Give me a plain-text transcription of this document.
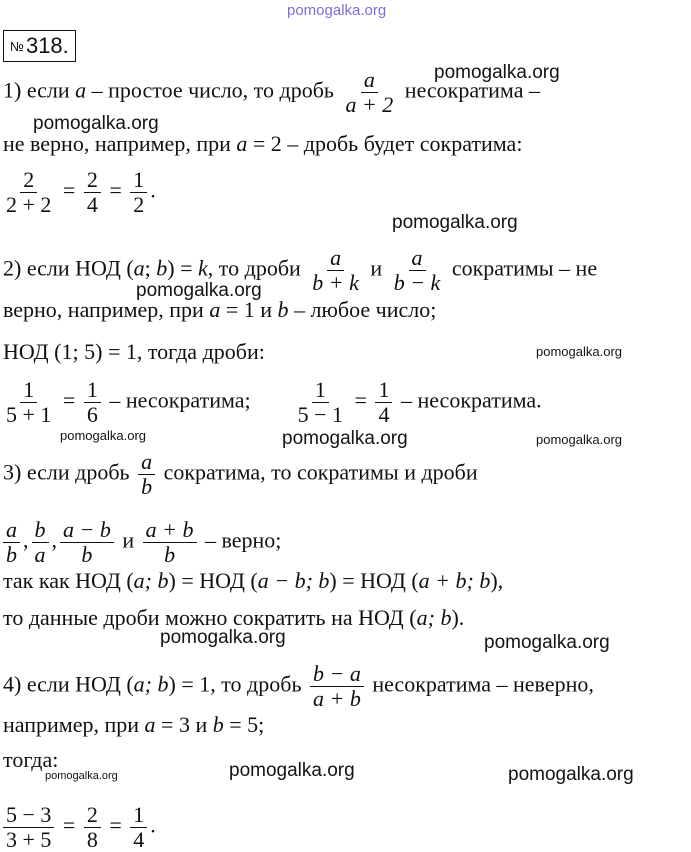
pomogalka.org
№318.
1) если a – простое число, то дробь $\frac{a}{a + 2}$ несократима –
pomogalka.org
pomogalka.org
не верно, например, при a = 2 – дробь будет сократима:
$\frac{2}{2 + 2} = \frac{2}{4} = \frac{1}{2}$ .
pomogalka.org
2) если НОД (a; b) = k, то дроби $\frac{a}{b + k}$ и $\frac{a}{b - k}$ сократимы – не
pomogalka.org
верно, например, при a = 1 и b – любое число;
НОД (1; 5) = 1, тогда дроби:	pomogalka.org
$\frac{1}{5 + 1} = \frac{1}{6}$ – несократима; $\frac{1}{5 - 1} = \frac{1}{4}$ – несократима.
pomogalka.org	pomogalka.org	pomogalka.org
3) если дробь $\frac{a}{b}$ сократима, то сократимы и дроби
$\frac{a}{b}$ , $\frac{b}{a}$ , $\frac{a - b}{b}$ и $\frac{a + b}{b}$ – верно;
так как НОД (a; b) = НОД (a − b; b) = НОД (a + b; b),
то данные дроби можно сократить на НОД (a; b).
pomogalka.org	pomogalka.org
4) если НОД (a; b) = 1, то дробь $\frac{b - a}{a + b}$ несократима – неверно,
например, при a = 3 и b = 5;
тогда:
pomogalka.org	pomogalka.org	pomogalka.org
$\frac{5 - 3}{3 + 5} = \frac{2}{8} = \frac{1}{4}$ .
